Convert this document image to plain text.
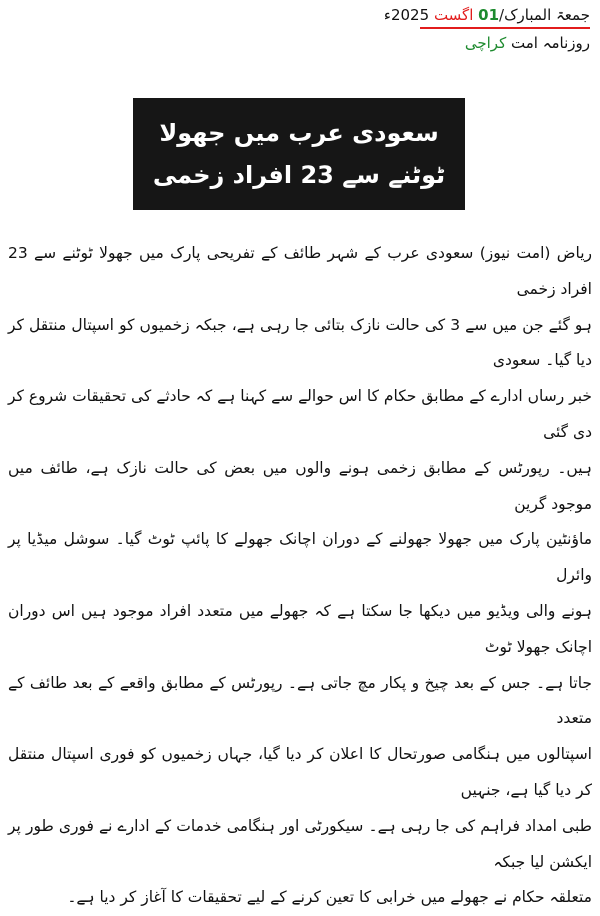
جمعۃ المبارک/01 اگست 2025ء
روزنامہ امت کراچی
سعودی عرب میں جھولا
ٹوٹنے سے 23 افراد زخمی

ریاض (امت نیوز) سعودی عرب کے شہر طائف کے تفریحی پارک میں جھولا ٹوٹنے سے 23 افراد زخمی

ہو گئے جن میں سے 3 کی حالت نازک بتائی جا رہی ہے، جبکہ زخمیوں کو اسپتال منتقل کر دیا گیا۔ سعودی

خبر رساں ادارے کے مطابق حکام کا اس حوالے سے کہنا ہے کہ حادثے کی تحقیقات شروع کر دی گئی

ہیں۔ رپورٹس کے مطابق زخمی ہونے والوں میں بعض کی حالت نازک ہے، طائف میں موجود گرین

ماؤنٹین پارک میں جھولا جھولنے کے دوران اچانک جھولے کا پائپ ٹوٹ گیا۔ سوشل میڈیا پر وائرل

ہونے والی ویڈیو میں دیکھا جا سکتا ہے کہ جھولے میں متعدد افراد موجود ہیں اس دوران اچانک جھولا ٹوٹ

جاتا ہے۔ جس کے بعد چیخ و پکار مچ جاتی ہے۔ رپورٹس کے مطابق واقعے کے بعد طائف کے متعدد

اسپتالوں میں ہنگامی صورتحال کا اعلان کر دیا گیا، جہاں زخمیوں کو فوری اسپتال منتقل کر دیا گیا ہے، جنہیں

طبی امداد فراہم کی جا رہی ہے۔ سیکورٹی اور ہنگامی خدمات کے ادارے نے فوری طور پر ایکشن لیا جبکہ

متعلقہ حکام نے جھولے میں خرابی کا تعین کرنے کے لیے تحقیقات کا آغاز کر دیا ہے۔
